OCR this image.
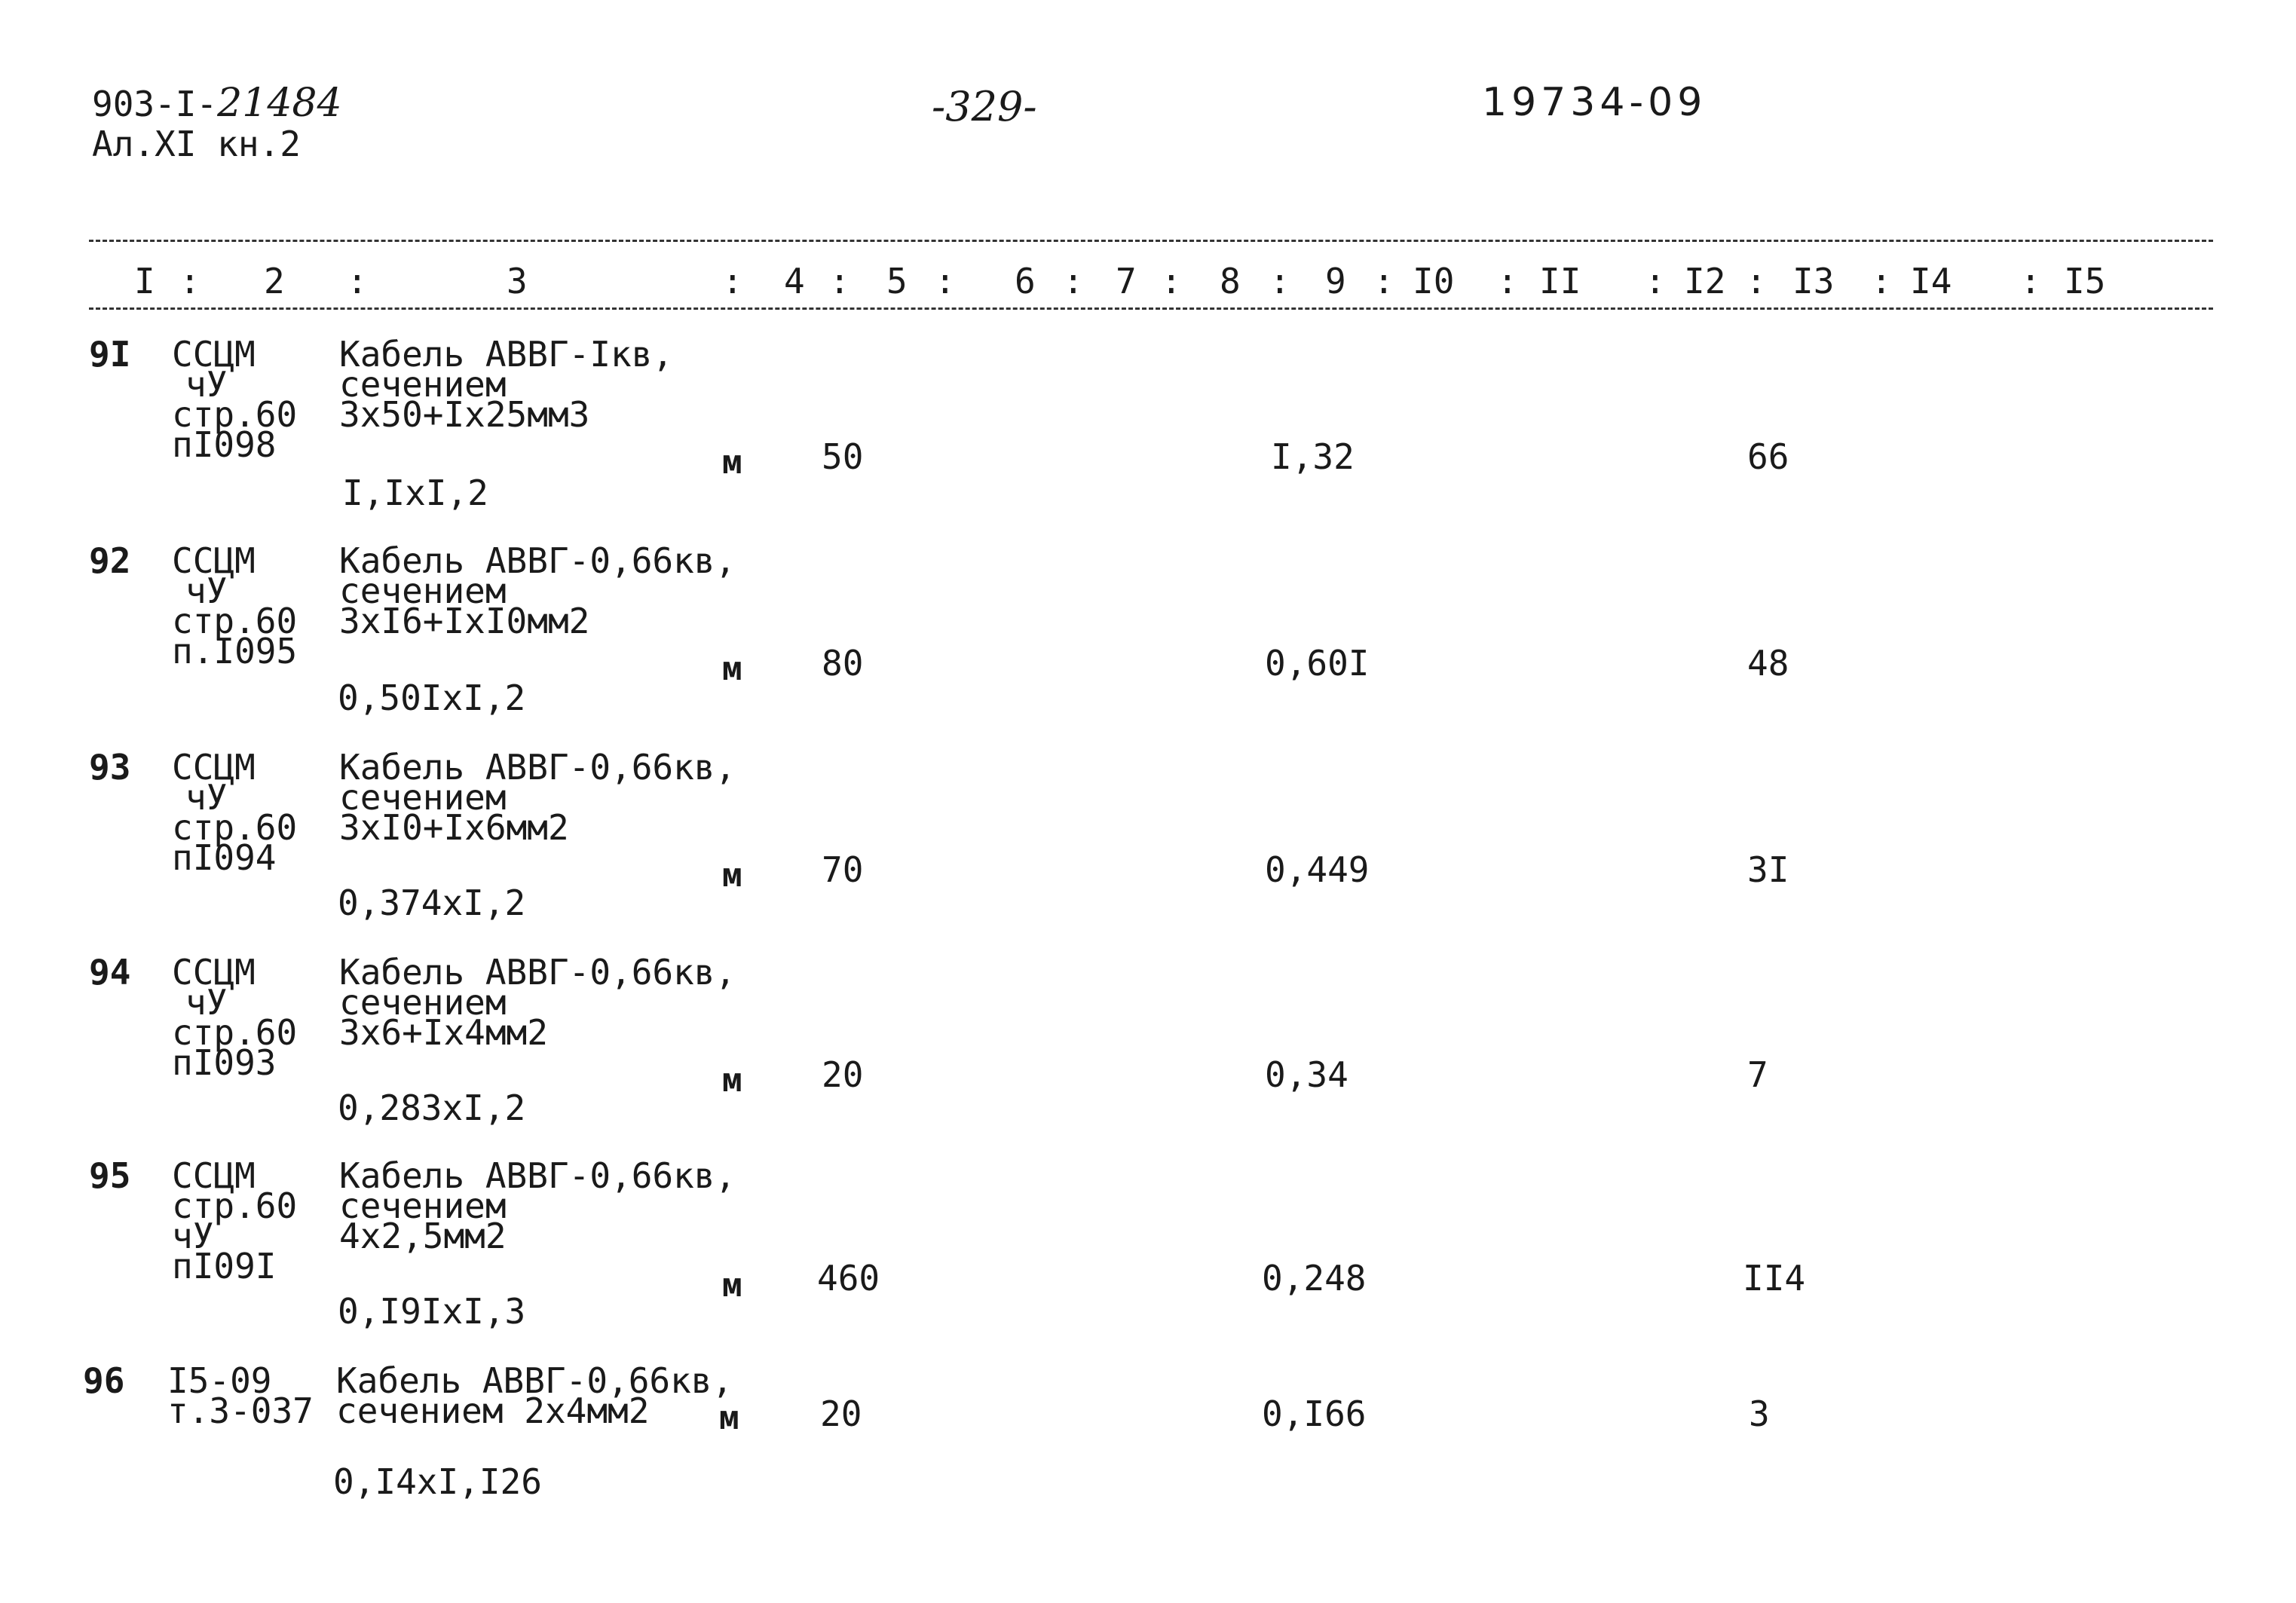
903-I-21484
Ал.XI кн.2
-329-	19734-09
I : 2 :	3	: 4 : 5 : 6 : 7 : 8 : 9 : I0 : II : I2 : I3 : I4 : I5
9I ССЦМ
чУ
стр.60
пI098
Кабель АВВГ-Iкв,
сечением
3х50+Iх25мм3
I,IхI,2
м 50	I,32	66
92 ССЦМ
чУ
стр.60
п.I095
Кабель АВВГ-0,66кв,
сечением
3хI6+IхI0мм2
0,50IхI,2
м 80	0,60I	48
93 ССЦМ
чУ
стр.60
пI094
Кабель АВВГ-0,66кв,
сечением
3хI0+Iх6мм2
0,374хI,2
м 70	0,449	3I
94 ССЦМ
чУ
стр.60
пI093
Кабель АВВГ-0,66кв,
сечением
3х6+Iх4мм2
0,283хI,2
м 20	0,34	7
95 ССЦМ
стр.60
чУ
пI09I
Кабель АВВГ-0,66кв,
сечением
4х2,5мм2
0,I9IхI,3
м 460	0,248	II4
96 I5-09
т.3-037
Кабель АВВГ-0,66кв,
сечением 2х4мм2
0,I4хI,I26
м 20	0,I66	3
